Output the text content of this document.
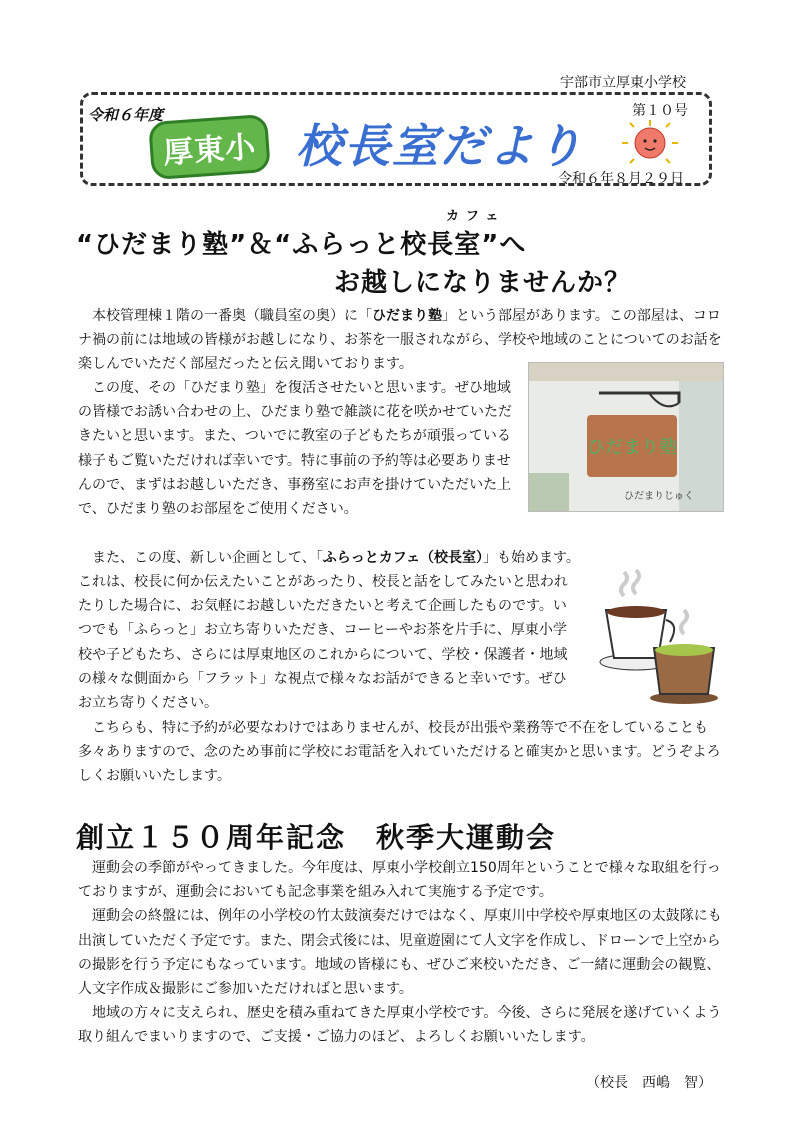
宇部市立厚東小学校
令和６年度
厚東小 校長室だより
第１０号
令和６年８月２９日
カフェ
“ひだまり塾”＆“ふらっと校長室”へ
お越しになりませんか？
　本校管理棟１階の一番奥（職員室の奥）に「ひだまり塾」という部屋があります。この部屋は、コロナ禍の前には地域の皆様がお越しになり、お茶を一服されながら、学校や地域のことについてのお話を楽しんでいただく部屋だったと伝え聞いております。
　この度、その「ひだまり塾」を復活させたいと思います。ぜひ地域の皆様でお誘い合わせの上、ひだまり塾で雑談に花を咲かせていただきたいと思います。また、ついでに教室の子どもたちが頑張っている様子もご覧いただければ幸いです。特に事前の予約等は必要ありませんので、まずはお越しいただき、事務室にお声を掛けていただいた上で、ひだまり塾のお部屋をご使用ください。
ひだまり塾
ひだまりじゅく
　また、この度、新しい企画として、「ふらっとカフェ（校長室）」も始めます。
これは、校長に何か伝えたいことがあったり、校長と話をしてみたいと思われたりした場合に、お気軽にお越しいただきたいと考えて企画したものです。いつでも「ふらっと」お立ち寄りいただき、コーヒーやお茶を片手に、厚東小学校や子どもたち、さらには厚東地区のこれからについて、学校・保護者・地域の様々な側面から「フラット」な視点で様々なお話ができると幸いです。ぜひお立ち寄りください。
　こちらも、特に予約が必要なわけではありませんが、校長が出張や業務等で不在をしていることも多々ありますので、念のため事前に学校にお電話を入れていただけると確実かと思います。どうぞよろしくお願いいたします。
創立１５０周年記念　秋季大運動会

　運動会の季節がやってきました。今年度は、厚東小学校創立150周年ということで様々な取組を行っておりますが、運動会においても記念事業を組み入れて実施する予定です。

　運動会の終盤には、例年の小学校の竹太鼓演奏だけではなく、厚東川中学校や厚東地区の太鼓隊にも出演していただく予定です。また、閉会式後には、児童遊園にて人文字を作成し、ドローンで上空からの撮影を行う予定にもなっています。地域の皆様にも、ぜひご来校いただき、ご一緒に運動会の観覧、人文字作成＆撮影にご参加いただければと思います。

　地域の方々に支えられ、歴史を積み重ねてきた厚東小学校です。今後、さらに発展を遂げていくよう取り組んでまいりますので、ご支援・ご協力のほど、よろしくお願いいたします。

（校長　西嶋　智）
